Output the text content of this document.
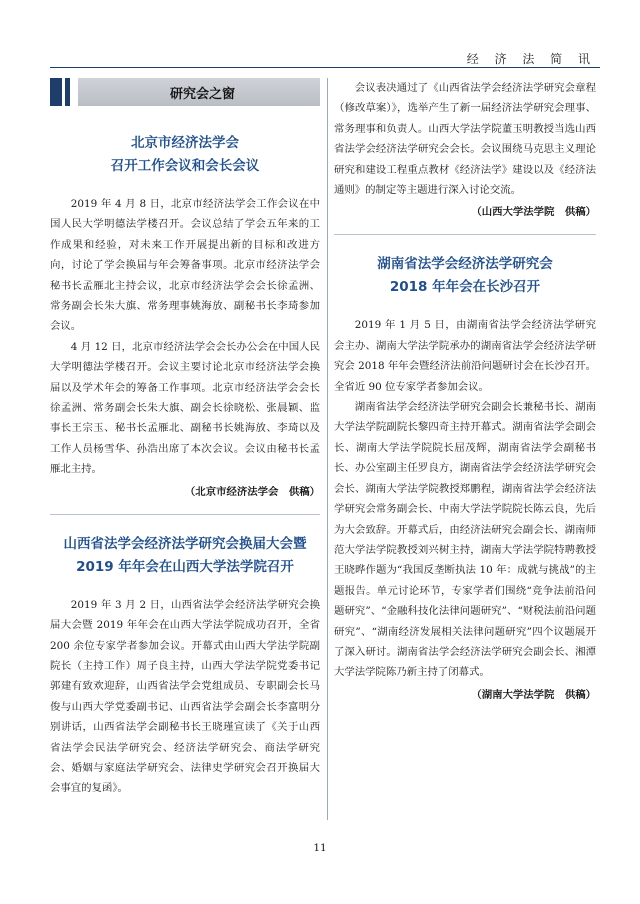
经 济 法 简 讯
研究会之窗
北京市经济法学会
召开工作会议和会长会议

2019 年 4 月 8 日，北京市经济法学会工作会议在中国人民大学明德法学楼召开。会议总结了学会五年来的工作成果和经验，对未来工作开展提出新的目标和改进方向，讨论了学会换届与年会筹备事项。北京市经济法学会秘书长孟雁北主持会议，北京市经济法学会会长徐孟洲、常务副会长朱大旗、常务理事姚海放、副秘书长李琦参加会议。

4 月 12 日，北京市经济法学会会长办公会在中国人民大学明德法学楼召开。会议主要讨论北京市经济法学会换届以及学术年会的筹备工作事项。北京市经济法学会会长徐孟洲、常务副会长朱大旗、副会长徐晓松、张晨颖、监事长王宗玉、秘书长孟雁北、副秘书长姚海放、李琦以及工作人员杨雪华、孙浩出席了本次会议。会议由秘书长孟雁北主持。

（北京市经济法学会　供稿）

山西省法学会经济法学研究会换届大会暨
2019 年年会在山西大学法学院召开

2019 年 3 月 2 日，山西省法学会经济法学研究会换届大会暨 2019 年年会在山西大学法学院成功召开，全省 200 余位专家学者参加会议。开幕式由山西大学法学院副院长（主持工作）周子良主持，山西大学法学院党委书记郭建有致欢迎辞，山西省法学会党组成员、专职副会长马俊与山西大学党委副书记、山西省法学会副会长李富明分别讲话，山西省法学会副秘书长王晓瑾宣读了《关于山西省法学会民法学研究会、经济法学研究会、商法学研究会、婚姻与家庭法学研究会、法律史学研究会召开换届大会事宜的复函》。

会议表决通过了《山西省法学会经济法学研究会章程（修改草案）》，选举产生了新一届经济法学研究会理事、常务理事和负责人。山西大学法学院董玉明教授当选山西省法学会经济法学研究会会长。会议围绕马克思主义理论研究和建设工程重点教材《经济法学》建设以及《经济法通则》的制定等主题进行深入讨论交流。

（山西大学法学院　供稿）

湖南省法学会经济法学研究会
2018 年年会在长沙召开

2019 年 1 月 5 日，由湖南省法学会经济法学研究会主办、湖南大学法学院承办的湖南省法学会经济法学研究会 2018 年年会暨经济法前沿问题研讨会在长沙召开。全省近 90 位专家学者参加会议。

湖南省法学会经济法学研究会副会长兼秘书长、湖南大学法学院副院长黎四奇主持开幕式。湖南省法学会副会长、湖南大学法学院院长屈茂辉，湖南省法学会副秘书长、办公室副主任罗良方，湖南省法学会经济法学研究会会长、湖南大学法学院教授郑鹏程，湖南省法学会经济法学研究会常务副会长、中南大学法学院院长陈云良，先后为大会致辞。开幕式后，由经济法研究会副会长、湖南师范大学法学院教授刘兴树主持，湖南大学法学院特聘教授王晓晔作题为“我国反垄断执法 10 年：成就与挑战”的主题报告。单元讨论环节，专家学者们围绕“竞争法前沿问题研究”、“金融科技化法律问题研究”、“财税法前沿问题研究”、“湖南经济发展相关法律问题研究”四个议题展开了深入研讨。湖南省法学会经济法学研究会副会长、湘潭大学法学院陈乃新主持了闭幕式。

（湖南大学法学院　供稿）

11
